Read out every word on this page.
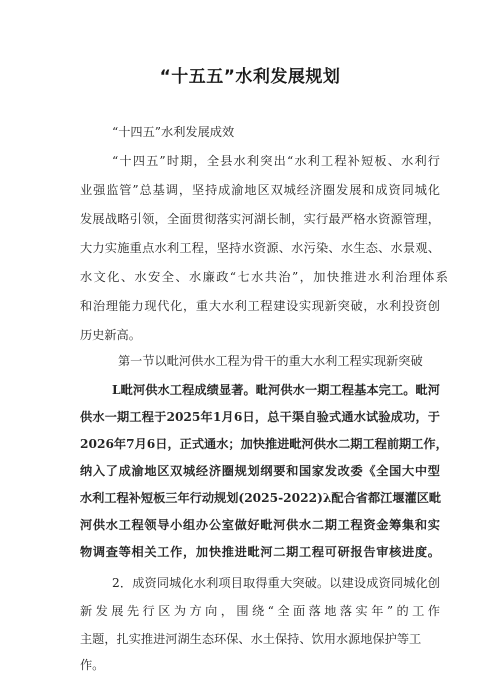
“十五五”水利发展规划
“十四五”水利发展成效
“十四五”时期，全县水利突出“水利工程补短板、水利行
业强监管”总基调，坚持成渝地区双城经济圈发展和成资同城化
发展战略引领，全面贯彻落实河湖长制，实行最严格水资源管理，
大力实施重点水利工程，坚持水资源、水污染、水生态、水景观、
水文化、水安全、水廉政“七水共治”，加快推进水利治理体系
和治理能力现代化，重大水利工程建设实现新突破，水利投资创
历史新高。
第一节以毗河供水工程为骨干的重大水利工程实现新突破
L毗河供水工程成绩显著。毗河供水一期工程基本完工。毗河
供水一期工程于2025年1月6日，总干渠自验式通水试验成功，于
2026年7月6日，正式通水；加快推进毗河供水二期工程前期工作，
纳入了成渝地区双城经济圈规划纲要和国家发改委《全国大中型
水利工程补短板三年行动规划(2025-2022)λ配合省都江堰灌区毗
河供水工程领导小组办公室做好毗河供水二期工程资金筹集和实
物调查等相关工作，加快推进毗河二期工程可研报告审核进度。
2．成资同城化水利项目取得重大突破。以建设成资同城化创
新发展先行区为方向，围绕“全面落地落实年”的工作
主题，扎实推进河湖生态环保、水土保持、饮用水源地保护等工
作。
